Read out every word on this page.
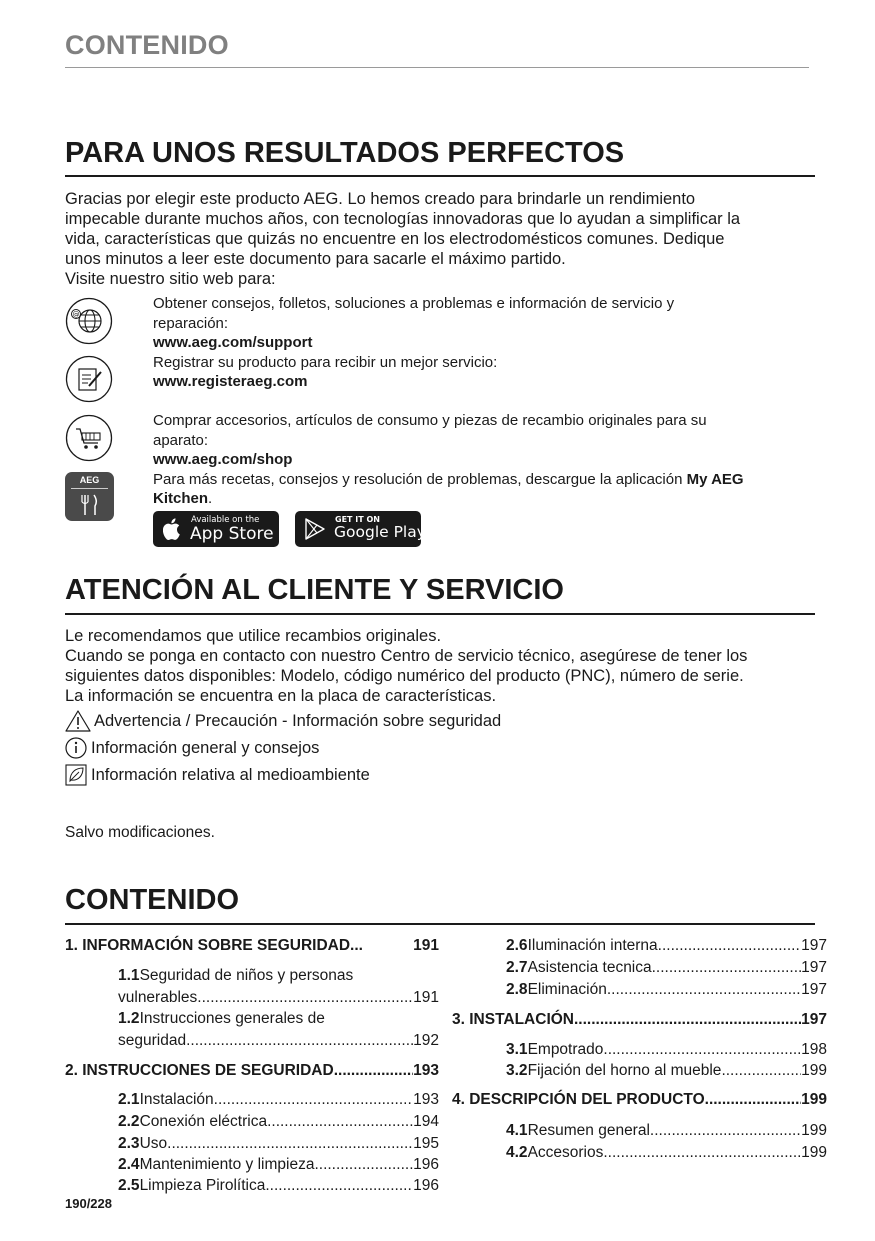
CONTENIDO
PARA UNOS RESULTADOS PERFECTOS
Gracias por elegir este producto AEG. Lo hemos creado para brindarle un rendimiento
impecable durante muchos años, con tecnologías innovadoras que lo ayudan a simplificar la
vida, características que quizás no encuentre en los electrodomésticos comunes. Dedique
unos minutos a leer este documento para sacarle el máximo partido.
Visite nuestro sitio web para:
@
Obtener consejos, folletos, soluciones a problemas e información de servicio y
reparación:
www.aeg.com/support
Registrar su producto para recibir un mejor servicio:
www.registeraeg.com
Comprar accesorios, artículos de consumo y piezas de recambio originales para su
aparato:
www.aeg.com/shop
Para más recetas, consejos y resolución de problemas, descargue la aplicación My AEG
Kitchen.
AEG
Available on the
App Store
GET IT ON
Google Play
ATENCIÓN AL CLIENTE Y SERVICIO
Le recomendamos que utilice recambios originales.
Cuando se ponga en contacto con nuestro Centro de servicio técnico, asegúrese de tener los
siguientes datos disponibles: Modelo, código numérico del producto (PNC), número de serie.
La información se encuentra en la placa de características.
Advertencia / Precaución - Información sobre seguridad
Información general y consejos
Información relativa al medioambiente
Salvo modificaciones.
CONTENIDO
1. INFORMACIÓN SOBRE SEGURIDAD...	191
1.1 Seguridad de niños y personas
vulnerables .....	191
1.2 Instrucciones generales de
seguridad .....	192
2. INSTRUCCIONES DE SEGURIDAD .....	193
2.1 Instalación .....	193
2.2 Conexión eléctrica .....	194
2.3 Uso .....	195
2.4 Mantenimiento y limpieza .....	196
2.5 Limpieza Pirolítica .....	196
2.6 Iluminación interna .....	197
2.7 Asistencia tecnica .....	197
2.8 Eliminación .....	197
3. INSTALACIÓN .....	197
3.1 Empotrado .....	198
3.2 Fijación del horno al mueble .....	199
4. DESCRIPCIÓN DEL PRODUCTO .....	199
4.1 Resumen general .....	199
4.2 Accesorios .....	199
190/228
